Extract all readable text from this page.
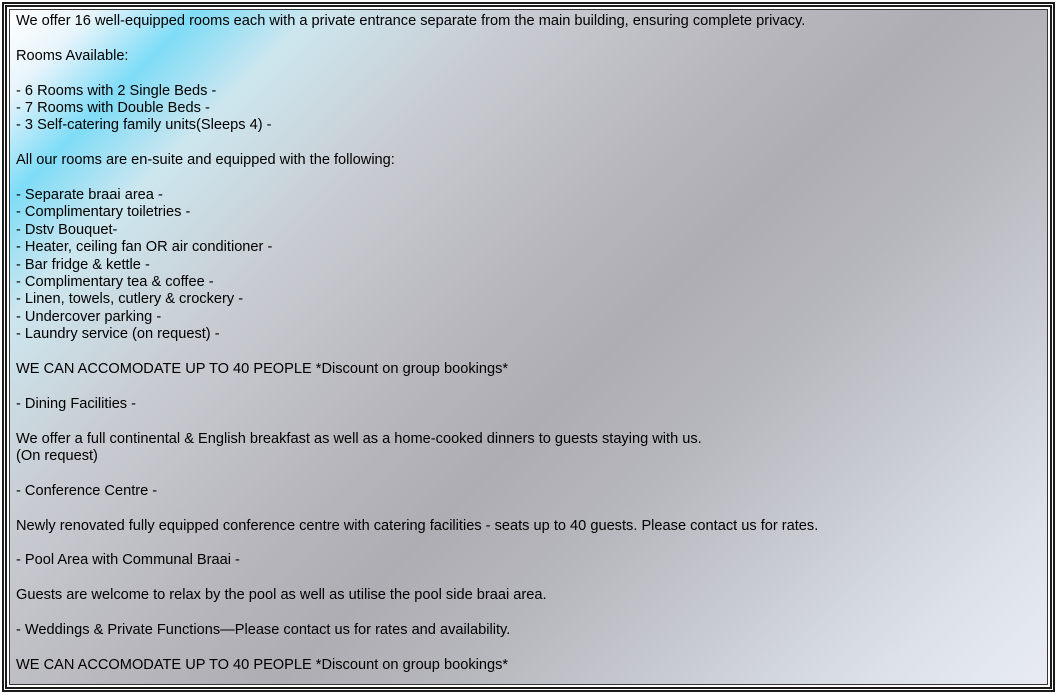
We offer 16 well-equipped rooms each with a private entrance separate from the main building, ensuring complete privacy.
Rooms Available:
- 6 Rooms with 2 Single Beds -
- 7 Rooms with Double Beds -
- 3 Self-catering family units(Sleeps 4) -
All our rooms are en-suite and equipped with the following:
- Separate braai area -
- Complimentary toiletries -
- Dstv Bouquet-
- Heater, ceiling fan OR air conditioner -
- Bar fridge & kettle -
- Complimentary tea & coffee -
- Linen, towels, cutlery & crockery -
- Undercover parking -
- Laundry service (on request) -
WE CAN ACCOMODATE UP TO 40 PEOPLE *Discount on group bookings*
- Dining Facilities -
We offer a full continental & English breakfast as well as a home-cooked dinners to guests staying with us.
(On request)
- Conference Centre -
Newly renovated fully equipped conference centre with catering facilities - seats up to 40 guests. Please contact us for rates.
- Pool Area with Communal Braai -
Guests are welcome to relax by the pool as well as utilise the pool side braai area.
- Weddings & Private Functions—Please contact us for rates and availability.
WE CAN ACCOMODATE UP TO 40 PEOPLE *Discount on group bookings*
